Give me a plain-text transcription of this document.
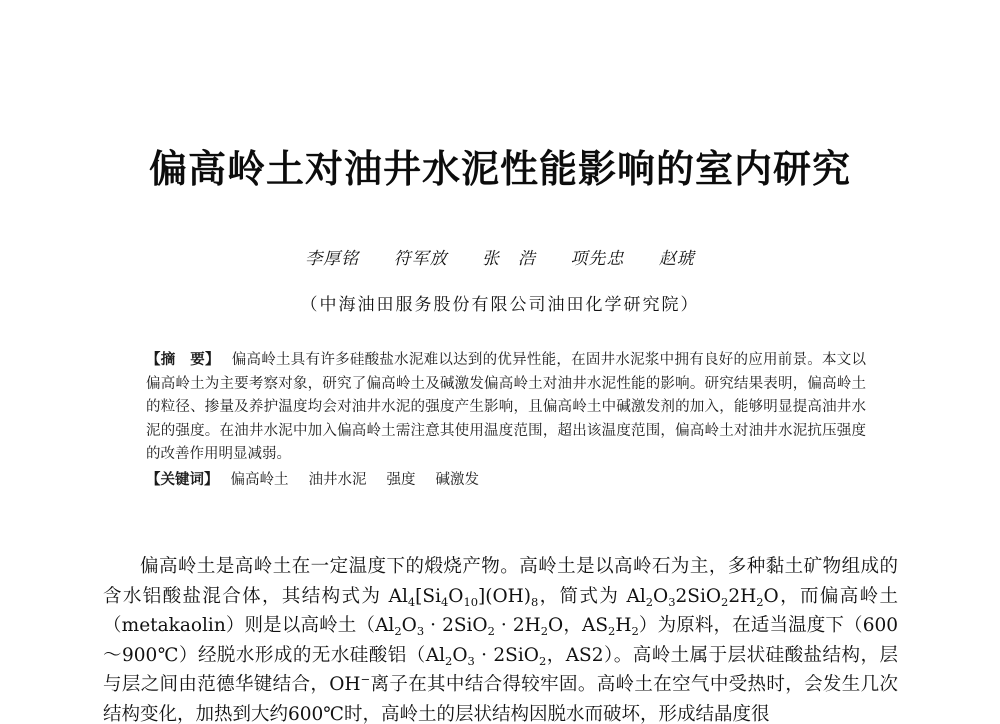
偏高岭土对油井水泥性能影响的室内研究
李厚铭 符军放 张　浩 项先忠 赵琥
（中海油田服务股份有限公司油田化学研究院）

【摘　要】 偏高岭土具有许多硅酸盐水泥难以达到的优异性能，在固井水泥浆中拥有良好的应用前景。本文以偏高岭土为主要考察对象，研究了偏高岭土及碱激发偏高岭土对油井水泥性能的影响。研究结果表明，偏高岭土的粒径、掺量及养护温度均会对油井水泥的强度产生影响，且偏高岭土中碱激发剂的加入，能够明显提高油井水泥的强度。在油井水泥中加入偏高岭土需注意其使用温度范围，超出该温度范围，偏高岭土对油井水泥抗压强度的改善作用明显减弱。

【关键词】 偏高岭土 油井水泥 强度 碱激发

偏高岭土是高岭土在一定温度下的煅烧产物。高岭土是以高岭石为主，多种黏土矿物组成的含水铝酸盐混合体，其结构式为 $Al_4[Si_4O_{10}](OH)_8$，简式为 $Al_2O_32SiO_22H_2O$，而偏高岭土（metakaolin）则是以高岭土（$Al_2O_3 \cdot 2SiO_2 \cdot 2H_2O$，$AS_2H_2$）为原料，在适当温度下（600～900℃）经脱水形成的无水硅酸铝（$Al_2O_3 \cdot 2SiO_2$，AS2）。高岭土属于层状硅酸盐结构，层与层之间由范德华键结合，OH−离子在其中结合得较牢固。高岭土在空气中受热时，会发生几次结构变化，加热到大约600℃时，高岭土的层状结构因脱水而破坏，形成结晶度很
